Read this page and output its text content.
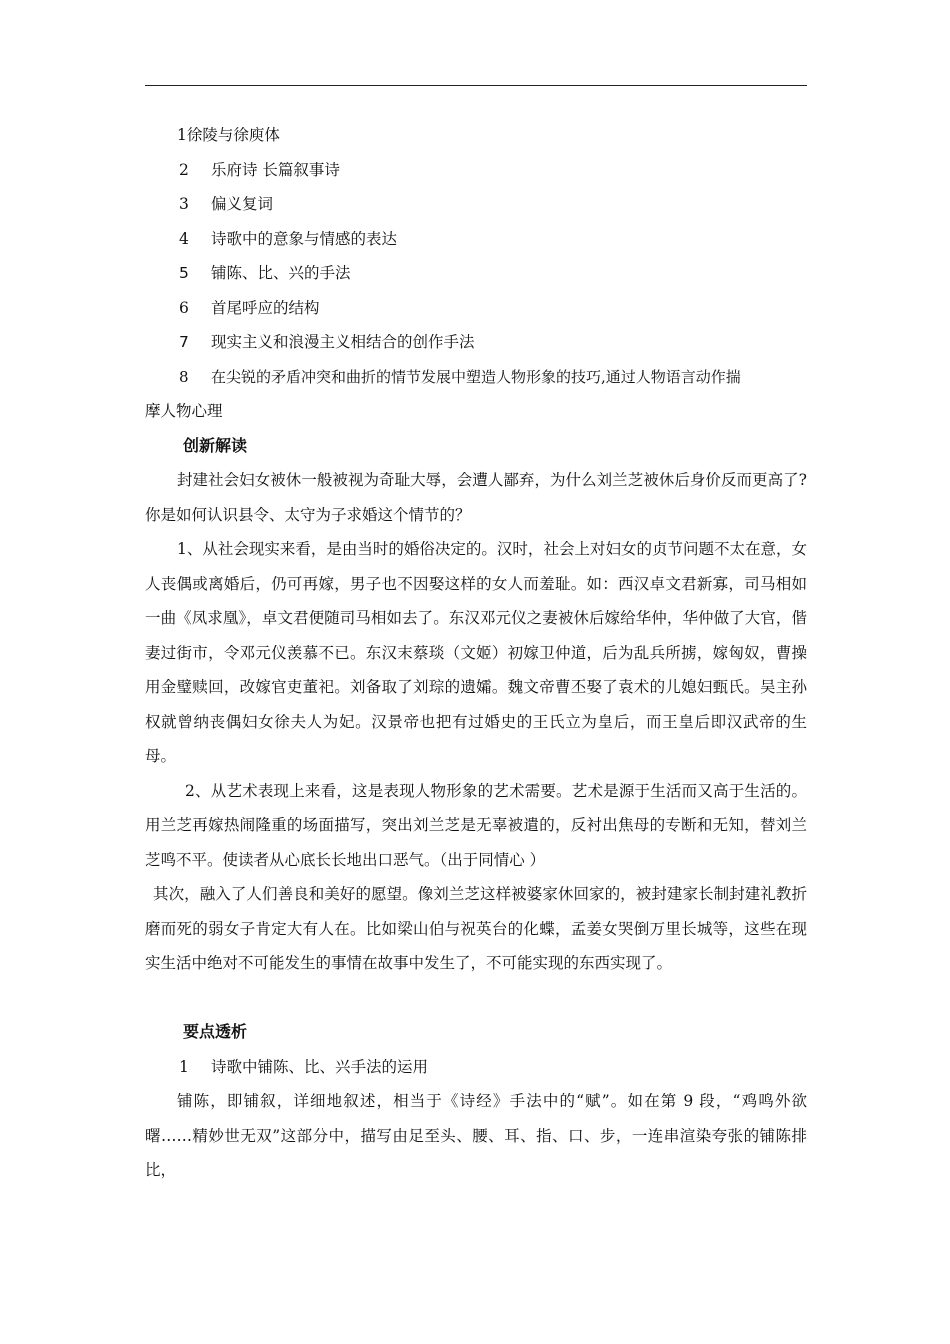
1徐陵与徐庾体
2 乐府诗 长篇叙事诗
3 偏义复词
4 诗歌中的意象与情感的表达
5 铺陈、比、兴的手法
6 首尾呼应的结构
7 现实主义和浪漫主义相结合的创作手法
8 在尖锐的矛盾冲突和曲折的情节发展中塑造人物形象的技巧,通过人物语言动作揣
摩人物心理
创新解读
封建社会妇女被休一般被视为奇耻大辱，会遭人鄙弃，为什么刘兰芝被休后身价反而更高了?你是如何认识县令、太守为子求婚这个情节的？
1、从社会现实来看，是由当时的婚俗决定的。汉时，社会上对妇女的贞节问题不太在意，女人丧偶或离婚后，仍可再嫁，男子也不因娶这样的女人而羞耻。如：西汉卓文君新寡，司马相如一曲《凤求凰》，卓文君便随司马相如去了。东汉邓元仪之妻被休后嫁给华仲，华仲做了大官，偕妻过街市，令邓元仪羡慕不已。东汉末蔡琰（文姬）初嫁卫仲道，后为乱兵所掳，嫁匈奴，曹操用金璧赎回，改嫁官吏董祀。刘备取了刘琮的遗孀。魏文帝曹丕娶了袁术的儿媳妇甄氏。吴主孙权就曾纳丧偶妇女徐夫人为妃。汉景帝也把有过婚史的王氏立为皇后，而王皇后即汉武帝的生母。
2、从艺术表现上来看，这是表现人物形象的艺术需要。艺术是源于生活而又高于生活的。用兰芝再嫁热闹隆重的场面描写，突出刘兰芝是无辜被遣的，反衬出焦母的专断和无知，替刘兰芝鸣不平。使读者从心底长长地出口恶气。（出于同情心 ）
其次，融入了人们善良和美好的愿望。像刘兰芝这样被婆家休回家的，被封建家长制封建礼教折磨而死的弱女子肯定大有人在。比如梁山伯与祝英台的化蝶，孟姜女哭倒万里长城等，这些在现实生活中绝对不可能发生的事情在故事中发生了，不可能实现的东西实现了。
要点透析
1 诗歌中铺陈、比、兴手法的运用
铺陈，即铺叙，详细地叙述，相当于《诗经》手法中的“赋”。如在第 9 段，“鸡鸣外欲曙……精妙世无双”这部分中，描写由足至头、腰、耳、指、口、步，一连串渲染夸张的铺陈排比，
